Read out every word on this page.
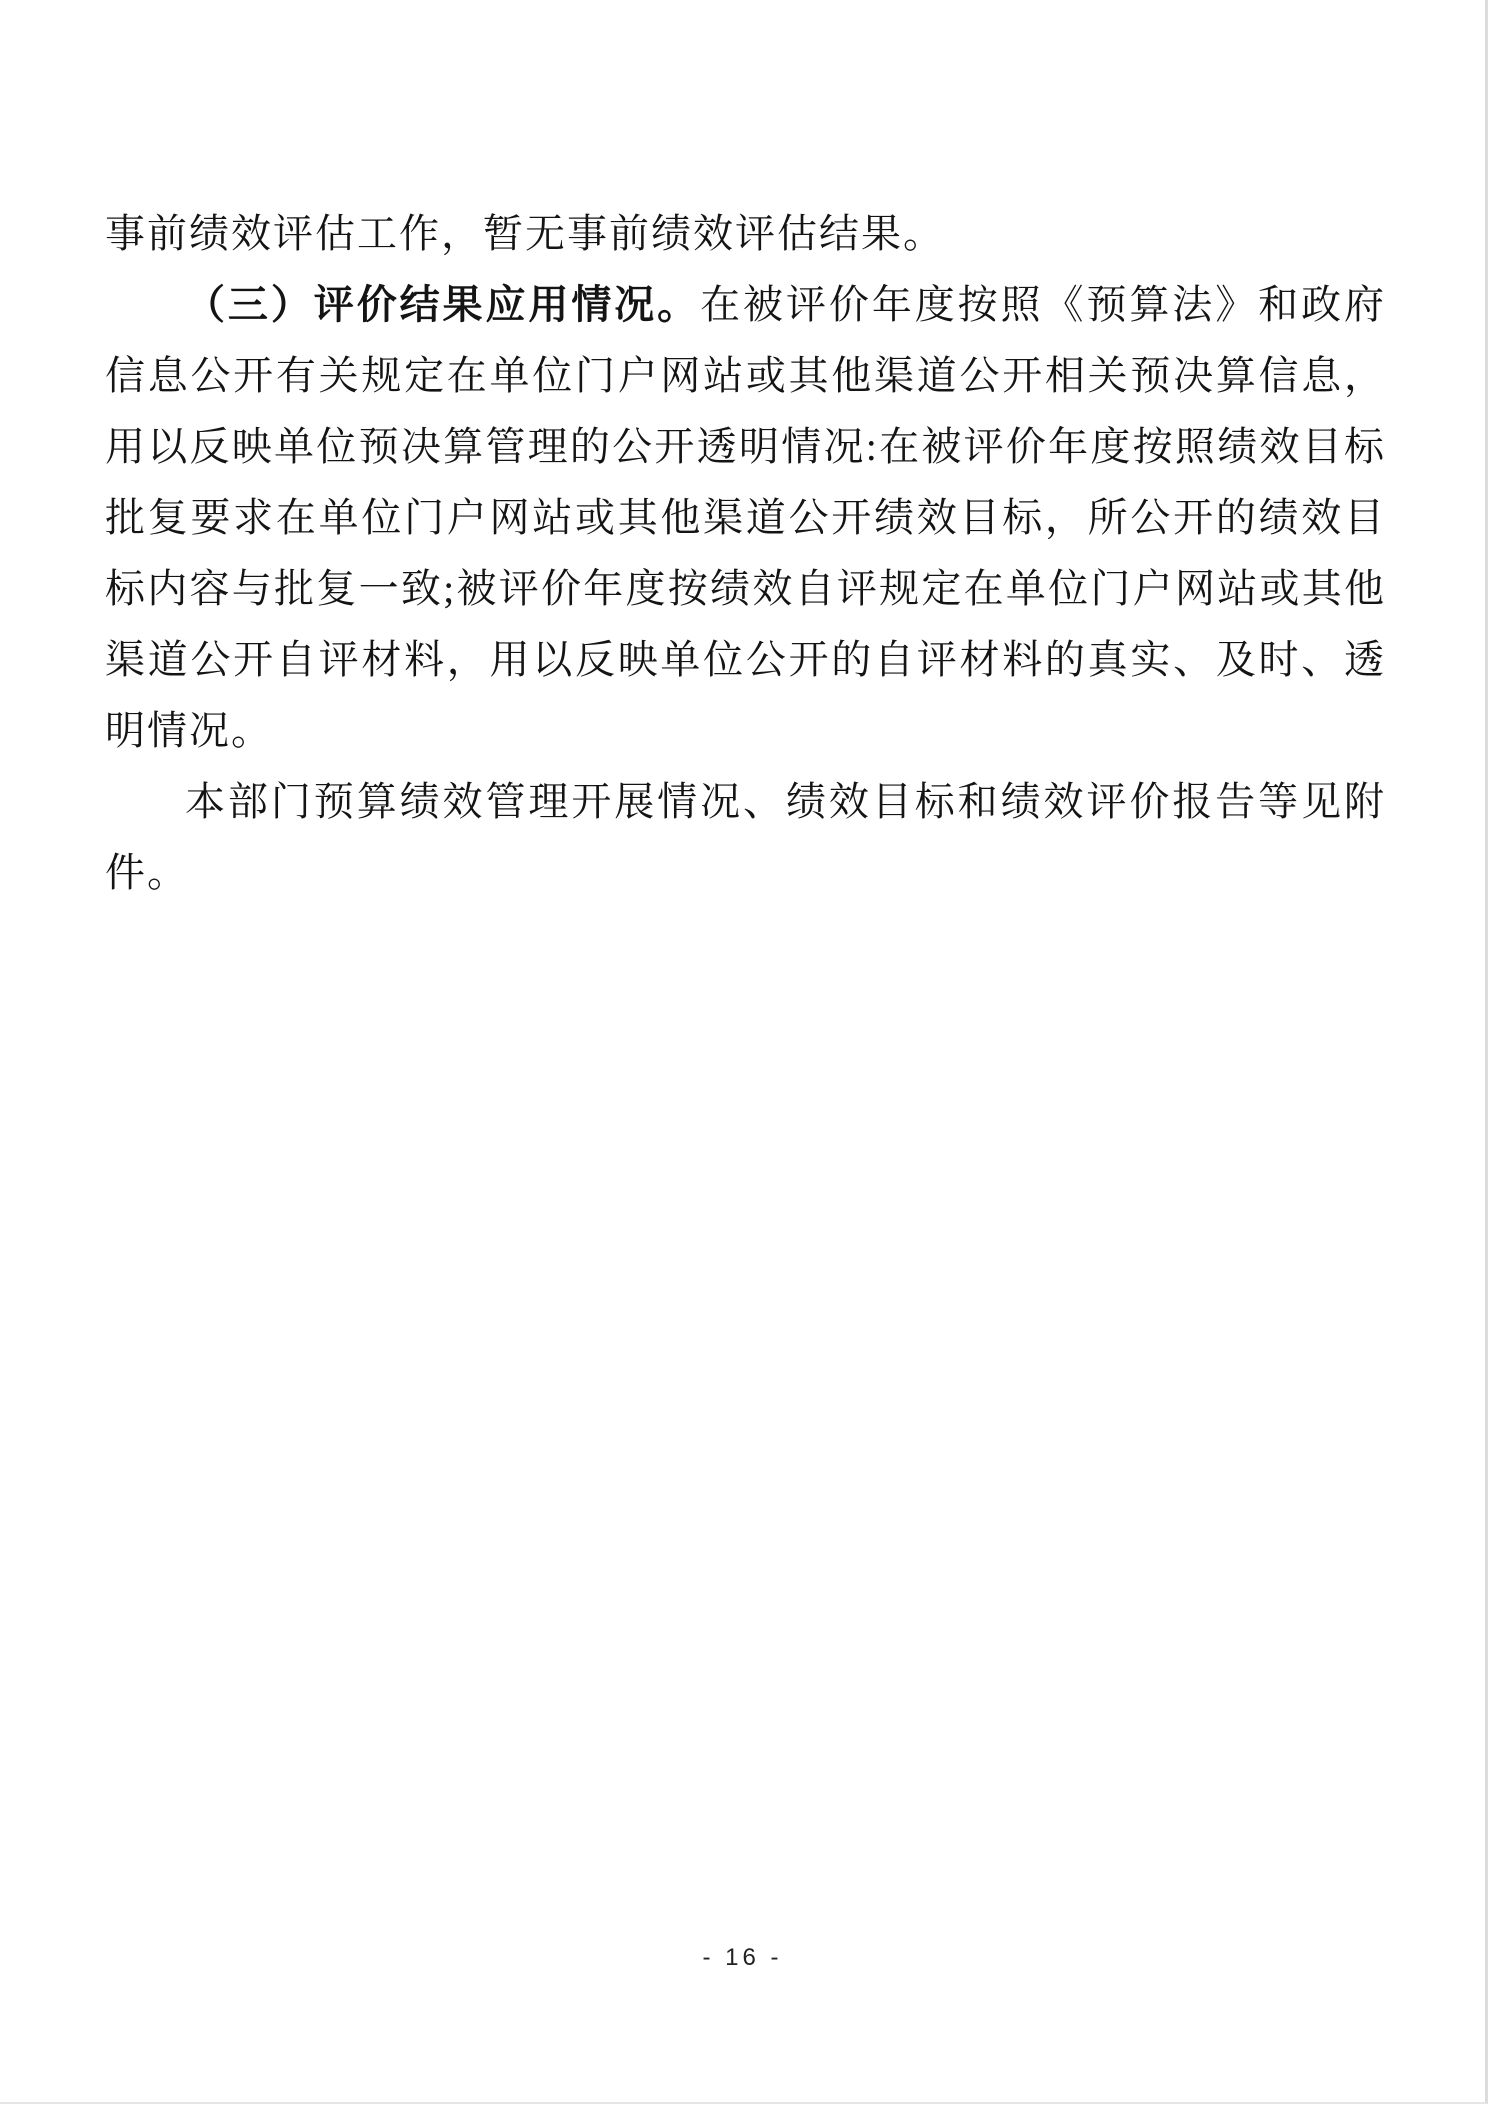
事前绩效评估工作，暂无事前绩效评估结果。

（三）评价结果应用情况。在被评价年度按照《预算法》和政府信息公开有关规定在单位门户网站或其他渠道公开相关预决算信息，用以反映单位预决算管理的公开透明情况:在被评价年度按照绩效目标批复要求在单位门户网站或其他渠道公开绩效目标，所公开的绩效目标内容与批复一致;被评价年度按绩效自评规定在单位门户网站或其他渠道公开自评材料，用以反映单位公开的自评材料的真实、及时、透明情况。

本部门预算绩效管理开展情况、绩效目标和绩效评价报告等见附件。

- 16 -
